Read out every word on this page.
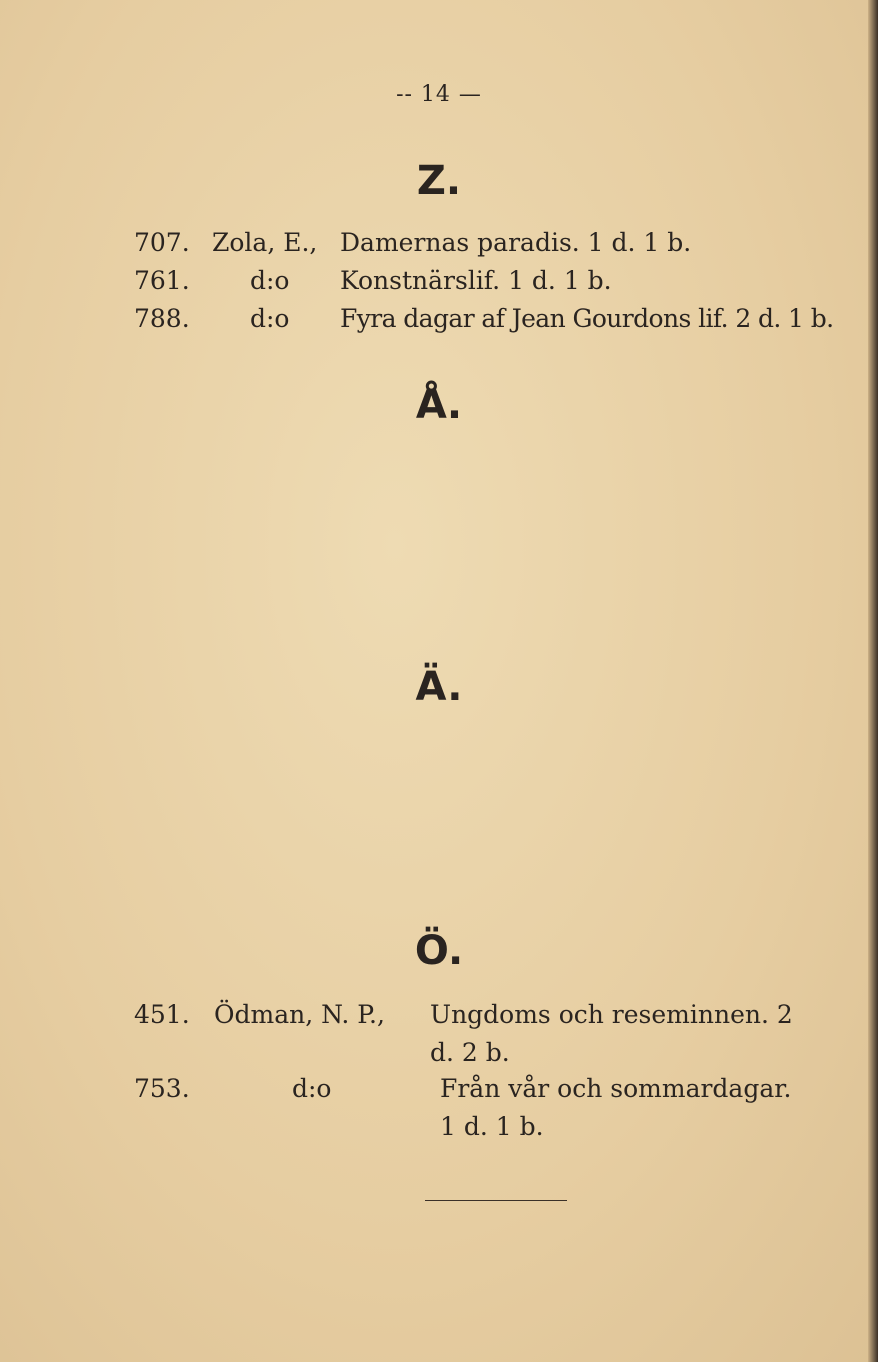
-- 14 —
Z.
707. Zola, E., Damernas paradis. 1 d. 1 b.
761. d:o Konstnärslif. 1 d. 1 b.
788. d:o Fyra dagar af Jean Gourdons lif. 2 d. 1 b.
Å.
Ä.
Ö.
451. Ödman, N. P., Ungdoms och reseminnen. 2
d. 2 b.
753.	d:o	Från vår och sommardagar.
1 d. 1 b.
